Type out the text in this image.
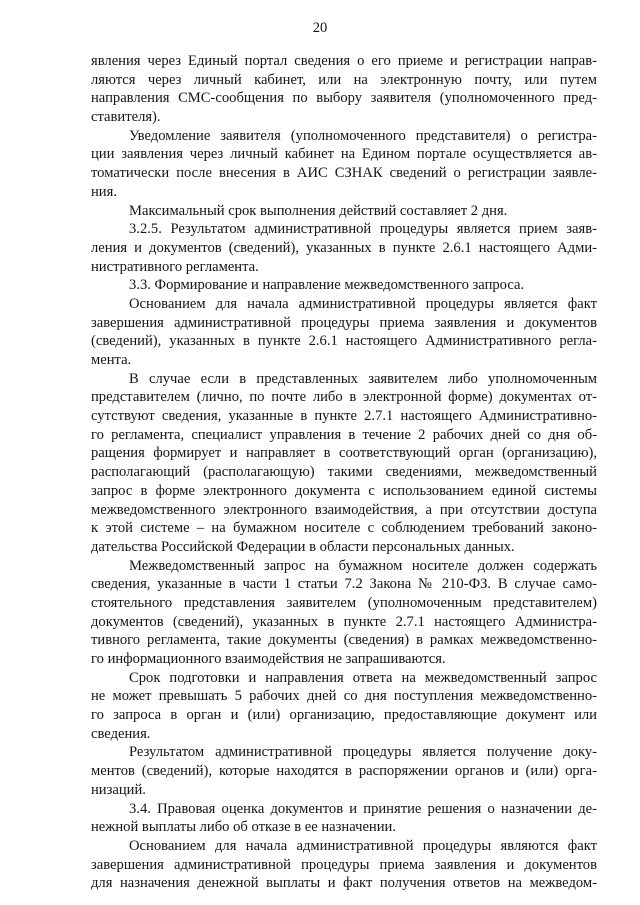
20
явления через Единый портал сведения о его приеме и регистрации направ-
ляются через личный кабинет, или на электронную почту, или путем
направления СМС-сообщения по выбору заявителя (уполномоченного пред-
ставителя).
Уведомление заявителя (уполномоченного представителя) о регистра-
ции заявления через личный кабинет на Едином портале осуществляется ав-
томатически после внесения в АИС СЗНАК сведений о регистрации заявле-
ния.
Максимальный срок выполнения действий составляет 2 дня.
3.2.5. Результатом административной процедуры является прием заяв-
ления и документов (сведений), указанных в пункте 2.6.1 настоящего Адми-
нистративного регламента.
3.3. Формирование и направление межведомственного запроса.
Основанием для начала административной процедуры является факт
завершения административной процедуры приема заявления и документов
(сведений), указанных в пункте 2.6.1 настоящего Административного регла-
мента.
В случае если в представленных заявителем либо уполномоченным
представителем (лично, по почте либо в электронной форме) документах от-
сутствуют сведения, указанные в пункте 2.7.1 настоящего Административно-
го регламента, специалист управления в течение 2 рабочих дней со дня об-
ращения формирует и направляет в соответствующий орган (организацию),
располагающий (располагающую) такими сведениями, межведомственный
запрос в форме электронного документа с использованием единой системы
межведомственного электронного взаимодействия, а при отсутствии доступа
к этой системе – на бумажном носителе с соблюдением требований законо-
дательства Российской Федерации в области персональных данных.
Межведомственный запрос на бумажном носителе должен содержать
сведения, указанные в части 1 статьи 7.2 Закона № 210-ФЗ. В случае само-
стоятельного представления заявителем (уполномоченным представителем)
документов (сведений), указанных в пункте 2.7.1 настоящего Администра-
тивного регламента, такие документы (сведения) в рамках межведомственно-
го информационного взаимодействия не запрашиваются.
Срок подготовки и направления ответа на межведомственный запрос
не может превышать 5 рабочих дней со дня поступления межведомственно-
го запроса в орган и (или) организацию, предоставляющие документ или
сведения.
Результатом административной процедуры является получение доку-
ментов (сведений), которые находятся в распоряжении органов и (или) орга-
низаций.
3.4. Правовая оценка документов и принятие решения о назначении де-
нежной выплаты либо об отказе в ее назначении.
Основанием для начала административной процедуры являются факт
завершения административной процедуры приема заявления и документов
для назначения денежной выплаты и факт получения ответов на межведом-
